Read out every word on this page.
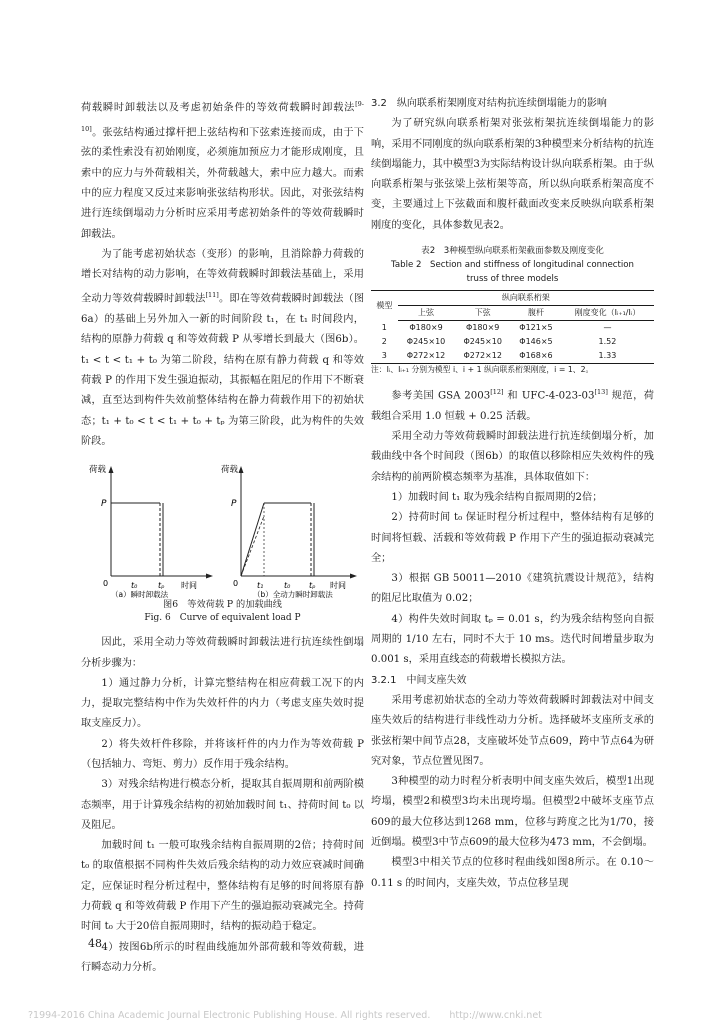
荷载瞬时卸载法以及考虑初始条件的等效荷载瞬时卸载法[9-10]。张弦结构通过撑杆把上弦结构和下弦索连接而成，由于下弦的柔性索没有初始刚度，必须施加预应力才能形成刚度，且索中的应力与外荷载相关，外荷载越大，索中应力越大。而索中的应力程度又反过来影响张弦结构形状。因此，对张弦结构进行连续倒塌动力分析时应采用考虑初始条件的等效荷载瞬时卸载法。

为了能考虑初始状态（变形）的影响，且消除静力荷载的增长对结构的动力影响，在等效荷载瞬时卸载法基础上，采用全动力等效荷载瞬时卸载法[11]。即在等效荷载瞬时卸载法（图6a）的基础上另外加入一新的时间阶段 t₁，在 t₁ 时间段内，结构的原静力荷载 q 和等效荷载 P 从零增长到最大（图6b）。t₁ < t < t₁ + t₀ 为第二阶段，结构在原有静力荷载 q 和等效荷载 P 的作用下发生强迫振动，其振幅在阻尼的作用下不断衰减，直至达到构件失效前整体结构在静力荷载作用下的初始状态；t₁ + t₀ < t < t₁ + t₀ + tₚ 为第三阶段，此为构件的失效阶段。

荷载
P
0	t₀	tₚ 时间
荷载
P
0 t₁	t₀ tₚ 时间
（a）瞬时卸载法	（b）全动力瞬时卸载法
图6　等效荷载 P 的加载曲线
Fig. 6　Curve of equivalent load P

因此，采用全动力等效荷载瞬时卸载法进行抗连续性倒塌分析步骤为：

1）通过静力分析，计算完整结构在相应荷载工况下的内力，提取完整结构中作为失效杆件的内力（考虑支座失效时提取支座反力）。

2）将失效杆件移除，并将该杆件的内力作为等效荷载 P（包括轴力、弯矩、剪力）反作用于残余结构。

3）对残余结构进行模态分析，提取其自振周期和前两阶模态频率，用于计算残余结构的初始加载时间 t₁、持荷时间 t₀ 以及阻尼。

加载时间 t₁ 一般可取残余结构自振周期的2倍；持荷时间 t₀ 的取值根据不同构件失效后残余结构的动力效应衰减时间确定，应保证时程分析过程中，整体结构有足够的时间将原有静力荷载 q 和等效荷载 P 作用下产生的强迫振动衰减完全。持荷时间 t₀ 大于20倍自振周期时，结构的振动趋于稳定。

4）按图6b所示的时程曲线施加外部荷载和等效荷载，进行瞬态动力分析。

3.2　纵向联系桁架刚度对结构抗连续倒塌能力的影响

为了研究纵向联系桁架对张弦桁架抗连续倒塌能力的影响，采用不同刚度的纵向联系桁架的3种模型来分析结构的抗连续倒塌能力，其中模型3为实际结构设计纵向联系桁架。由于纵向联系桁架与张弦梁上弦桁架等高，所以纵向联系桁架高度不变，主要通过上下弦截面和腹杆截面改变来反映纵向联系桁架刚度的变化，具体参数见表2。

表2　3种模型纵向联系桁架截面参数及刚度变化
Table 2　Section and stiffness of longitudinal connection
truss of three models
模型	纵向联系桁架			
	上弦	下弦	腹杆	刚度变化（Iᵢ₊₁/Iᵢ）
1	Φ180×9	Φ180×9	Φ121×5	—
2	Φ245×10	Φ245×10	Φ146×5	1.52
3	Φ272×12	Φ272×12	Φ168×6	1.33
注：Iᵢ、Iᵢ₊₁ 分别为模型 i、i + 1 纵向联系桁架刚度，i = 1、2。

参考美国 GSA 2003[12] 和 UFC-4-023-03[13] 规范，荷载组合采用 1.0 恒载 + 0.25 活载。

采用全动力等效荷载瞬时卸载法进行抗连续倒塌分析，加载曲线中各个时间段（图6b）的取值以移除相应失效构件的残余结构的前两阶模态频率为基准，具体取值如下：

1）加载时间 t₁ 取为残余结构自振周期的2倍；

2）持荷时间 t₀ 保证时程分析过程中，整体结构有足够的时间将恒载、活载和等效荷载 P 作用下产生的强迫振动衰减完全；

3）根据 GB 50011—2010《建筑抗震设计规范》，结构的阻尼比取值为 0.02；

4）构件失效时间取 tₚ = 0.01 s，约为残余结构竖向自振周期的 1/10 左右，同时不大于 10 ms。迭代时间增量步取为 0.001 s，采用直线态的荷载增长模拟方法。

3.2.1　中间支座失效

采用考虑初始状态的全动力等效荷载瞬时卸载法对中间支座失效后的结构进行非线性动力分析。选择破坏支座所支承的张弦桁架中间节点28，支座破坏处节点609，跨中节点64为研究对象，节点位置见图7。

3种模型的动力时程分析表明中间支座失效后，模型1出现垮塌，模型2和模型3均未出现垮塌。但模型2中破坏支座节点609的最大位移达到1268 mm，位移与跨度之比为1/70，接近倒塌。模型3中节点609的最大位移为473 mm，不会倒塌。

模型3中相关节点的位移时程曲线如图8所示。在 0.10～0.11 s 的时间内，支座失效，节点位移呈现

48
?1994-2016 China Academic Journal Electronic Publishing House. All rights reserved.　　http://www.cnki.net
